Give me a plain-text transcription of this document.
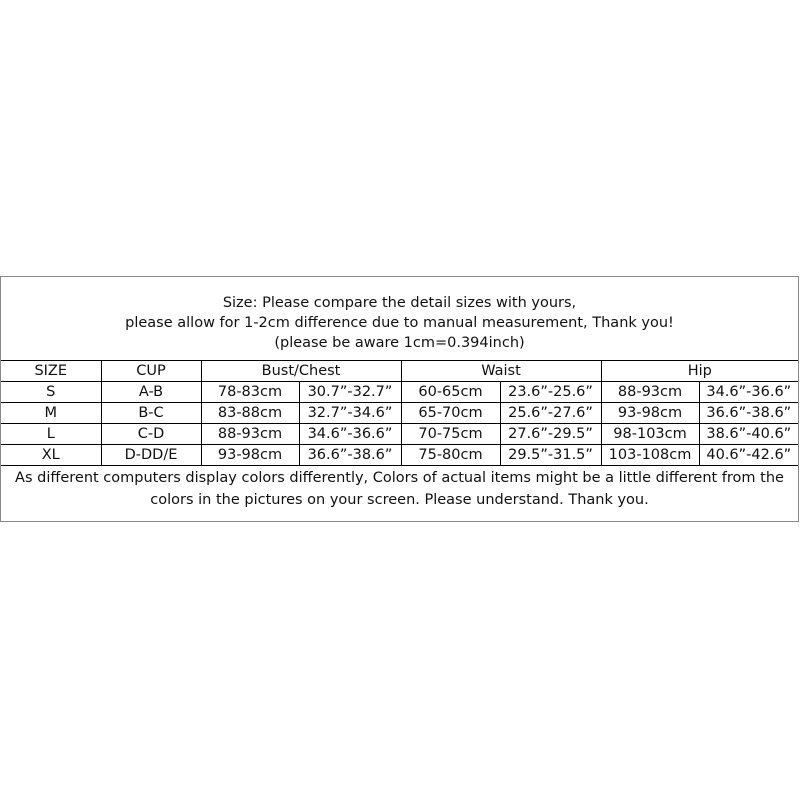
Size: Please compare the detail sizes with yours,
please allow for 1-2cm difference due to manual measurement, Thank you!
(please be aware 1cm=0.394inch)
SIZE	CUP	Bust/Chest		Waist		Hip	
S	A-B	78-83cm	30.7”-32.7”	60-65cm	23.6”-25.6”	88-93cm	34.6”-36.6”
M	B-C	83-88cm	32.7”-34.6”	65-70cm	25.6”-27.6”	93-98cm	36.6”-38.6”
L	C-D	88-93cm	34.6”-36.6”	70-75cm	27.6”-29.5”	98-103cm	38.6”-40.6”
XL	D-DD/E	93-98cm	36.6”-38.6”	75-80cm	29.5”-31.5”	103-108cm	40.6”-42.6”
As different computers display colors differently, Colors of actual items might be a little different from the
colors in the pictures on your screen. Please understand. Thank you.
